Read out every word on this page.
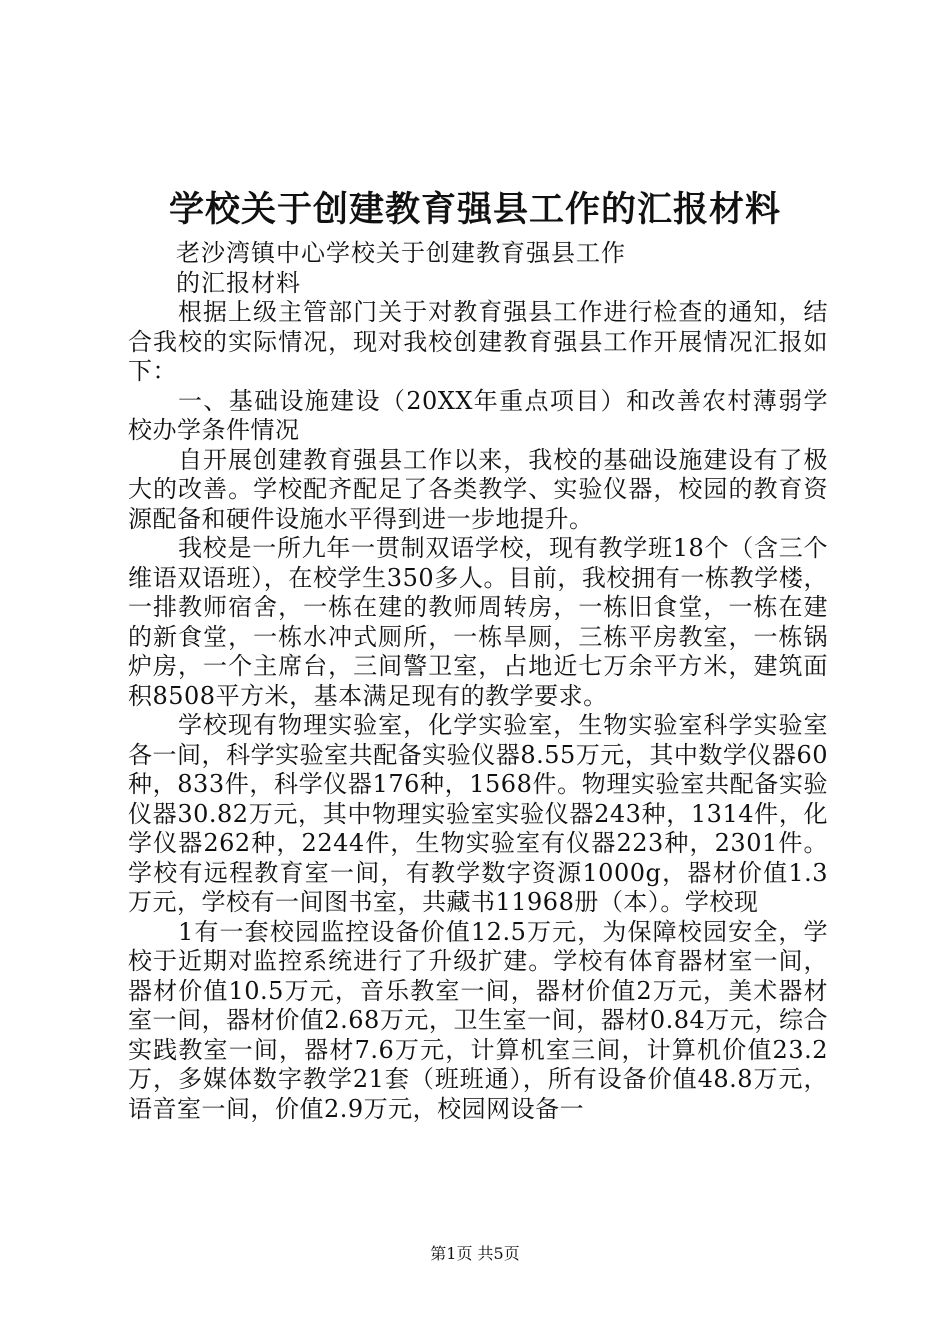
学校关于创建教育强县工作的汇报材料
老沙湾镇中心学校关于创建教育强县工作
的汇报材料

根据上级主管部门关于对教育强县工作进行检查的通知，结合我校的实际情况，现对我校创建教育强县工作开展情况汇报如下：

一、基础设施建设（20XX年重点项目）和改善农村薄弱学校办学条件情况

自开展创建教育强县工作以来，我校的基础设施建设有了极大的改善。学校配齐配足了各类教学、实验仪器，校园的教育资源配备和硬件设施水平得到进一步地提升。

我校是一所九年一贯制双语学校，现有教学班18个（含三个维语双语班），在校学生350多人。目前，我校拥有一栋教学楼，一排教师宿舍，一栋在建的教师周转房，一栋旧食堂，一栋在建的新食堂，一栋水冲式厕所，一栋旱厕，三栋平房教室，一栋锅炉房，一个主席台，三间警卫室，占地近七万余平方米，建筑面积8508平方米，基本满足现有的教学要求。

学校现有物理实验室，化学实验室，生物实验室科学实验室各一间，科学实验室共配备实验仪器8.55万元，其中数学仪器60种，833件，科学仪器176种，1568件。物理实验室共配备实验仪器30.82万元，其中物理实验室实验仪器243种，1314件，化学仪器262种，2244件，生物实验室有仪器223种，2301件。学校有远程教育室一间，有教学数字资源1000g，器材价值1.3万元，学校有一间图书室，共藏书11968册（本）。学校现

1有一套校园监控设备价值12.5万元，为保障校园安全，学校于近期对监控系统进行了升级扩建。学校有体育器材室一间，器材价值10.5万元，音乐教室一间，器材价值2万元，美术器材室一间，器材价值2.68万元，卫生室一间，器材0.84万元，综合实践教室一间，器材7.6万元，计算机室三间，计算机价值23.2万，多媒体数字教学21套（班班通），所有设备价值48.8万元，语音室一间，价值2.9万元，校园网设备一

第1页 共5页
